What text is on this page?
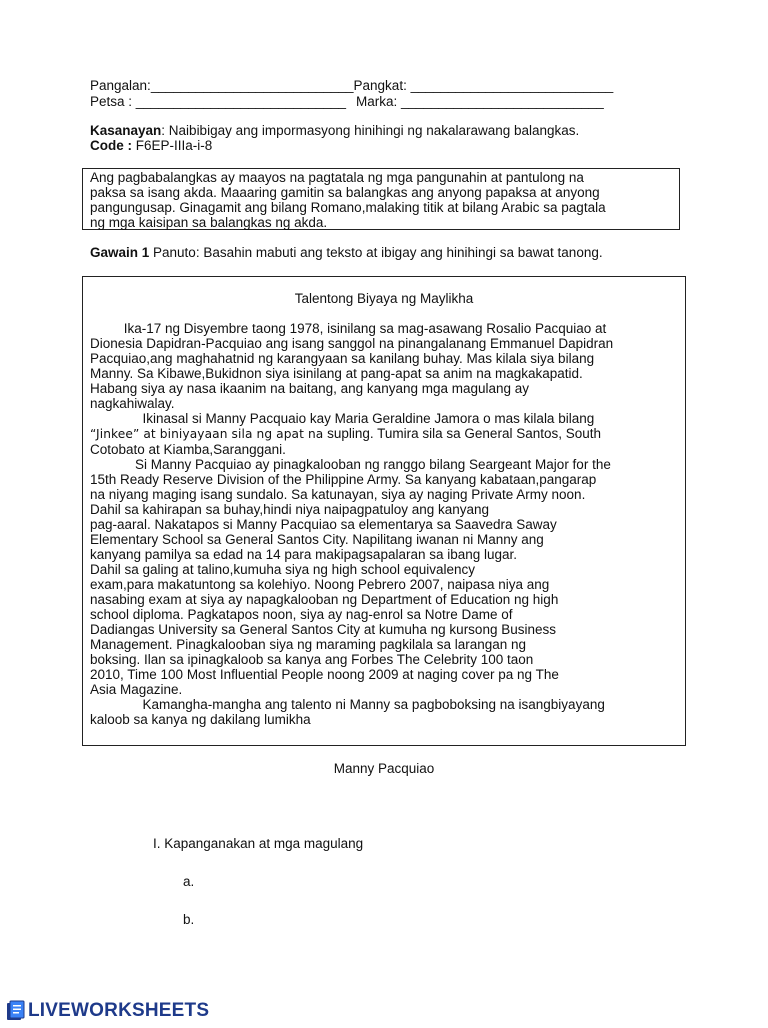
Pangalan:___________________________Pangkat: ___________________________
Petsa : ____________________________ Marka: ___________________________
Kasanayan: Naibibigay ang impormasyong hinihingi ng nakalarawang balangkas.
Code : F6EP-IIIa-i-8
Ang pagbabalangkas ay maayos na pagtatala ng mga pangunahin at pantulong na
paksa sa isang akda. Maaaring gamitin sa balangkas ang anyong papaksa at anyong
pangungusap. Ginagamit ang bilang Romano,malaking titik at bilang Arabic sa pagtala
ng mga kaisipan sa balangkas ng akda.
Gawain 1 Panuto: Basahin mabuti ang teksto at ibigay ang hinihingi sa bawat tanong.
Talentong Biyaya ng Maylikha
Ika-17 ng Disyembre taong 1978, isinilang sa mag-asawang Rosalio Pacquiao at
Dionesia Dapidran-Pacquiao ang isang sanggol na pinangalanang Emmanuel Dapidran
Pacquiao,ang maghahatnid ng karangyaan sa kanilang buhay. Mas kilala siya bilang
Manny. Sa Kibawe,Bukidnon siya isinilang at pang-apat sa anim na magkakapatid.
Habang siya ay nasa ikaanim na baitang, ang kanyang mga magulang ay
nagkahiwalay.
Ikinasal si Manny Pacquaio kay Maria Geraldine Jamora o mas kilala bilang
“Jinkee” at biniyayaan sila ng apat na supling. Tumira sila sa General Santos, South
Cotobato at Kiamba,Saranggani.
Si Manny Pacquiao ay pinagkalooban ng ranggo bilang Seargeant Major for the
15th Ready Reserve Division of the Philippine Army. Sa kanyang kabataan,pangarap
na niyang maging isang sundalo. Sa katunayan, siya ay naging Private Army noon.
Dahil sa kahirapan sa buhay,hindi niya naipagpatuloy ang kanyang
pag-aaral. Nakatapos si Manny Pacquiao sa elementarya sa Saavedra Saway
Elementary School sa General Santos City. Napilitang iwanan ni Manny ang
kanyang pamilya sa edad na 14 para makipagsapalaran sa ibang lugar.
Dahil sa galing at talino,kumuha siya ng high school equivalency
exam,para makatuntong sa kolehiyo. Noong Pebrero 2007, naipasa niya ang
nasabing exam at siya ay napagkalooban ng Department of Education ng high
school diploma. Pagkatapos noon, siya ay nag-enrol sa Notre Dame of
Dadiangas University sa General Santos City at kumuha ng kursong Business
Management. Pinagkalooban siya ng maraming pagkilala sa larangan ng
boksing. Ilan sa ipinagkaloob sa kanya ang Forbes The Celebrity 100 taon
2010, Time 100 Most Influential People noong 2009 at naging cover pa ng The
Asia Magazine.
Kamangha-mangha ang talento ni Manny sa pagboboksing na isangbiyayang
kaloob sa kanya ng dakilang lumikha
Manny Pacquiao
I. Kapanganakan at mga magulang
a.
b.
LIVEWORKSHEETS
